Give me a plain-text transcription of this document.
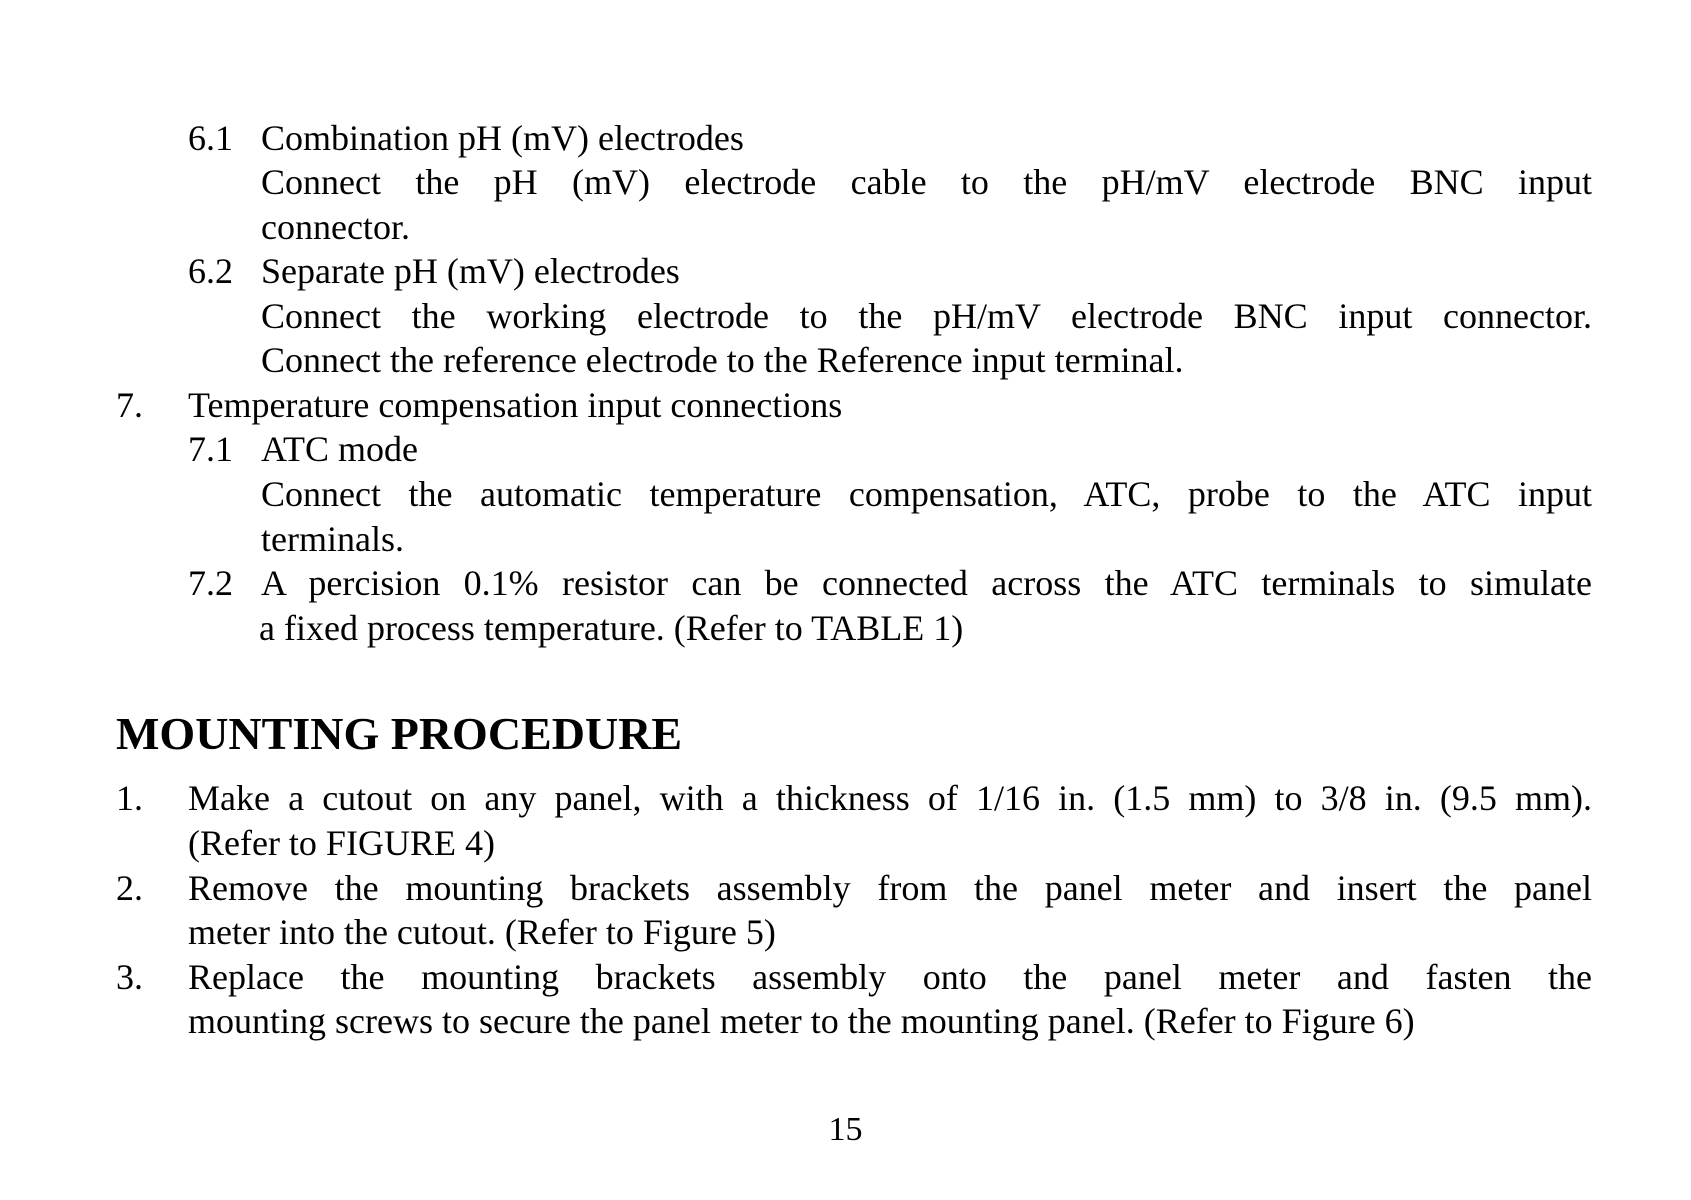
6.1 Combination pH (mV) electrodes
Connect the pH (mV) electrode cable to the pH/mV electrode BNC input
connector.
6.2 Separate pH (mV) electrodes
Connect the working electrode to the pH/mV electrode BNC input connector.
Connect the reference electrode to the Reference input terminal.
7. Temperature compensation input connections
7.1 ATC mode
Connect the automatic temperature compensation, ATC, probe to the ATC input
terminals.
7.2 A percision 0.1% resistor can be connected across the ATC terminals to simulate
a fixed process temperature. (Refer to TABLE 1)
MOUNTING PROCEDURE
1. Make a cutout on any panel, with a thickness of 1/16 in. (1.5 mm) to 3/8 in. (9.5 mm).
(Refer to FIGURE 4)
2. Remove the mounting brackets assembly from the panel meter and insert the panel
meter into the cutout. (Refer to Figure 5)
3. Replace the mounting brackets assembly onto the panel meter and fasten the
mounting screws to secure the panel meter to the mounting panel. (Refer to Figure 6)
15
